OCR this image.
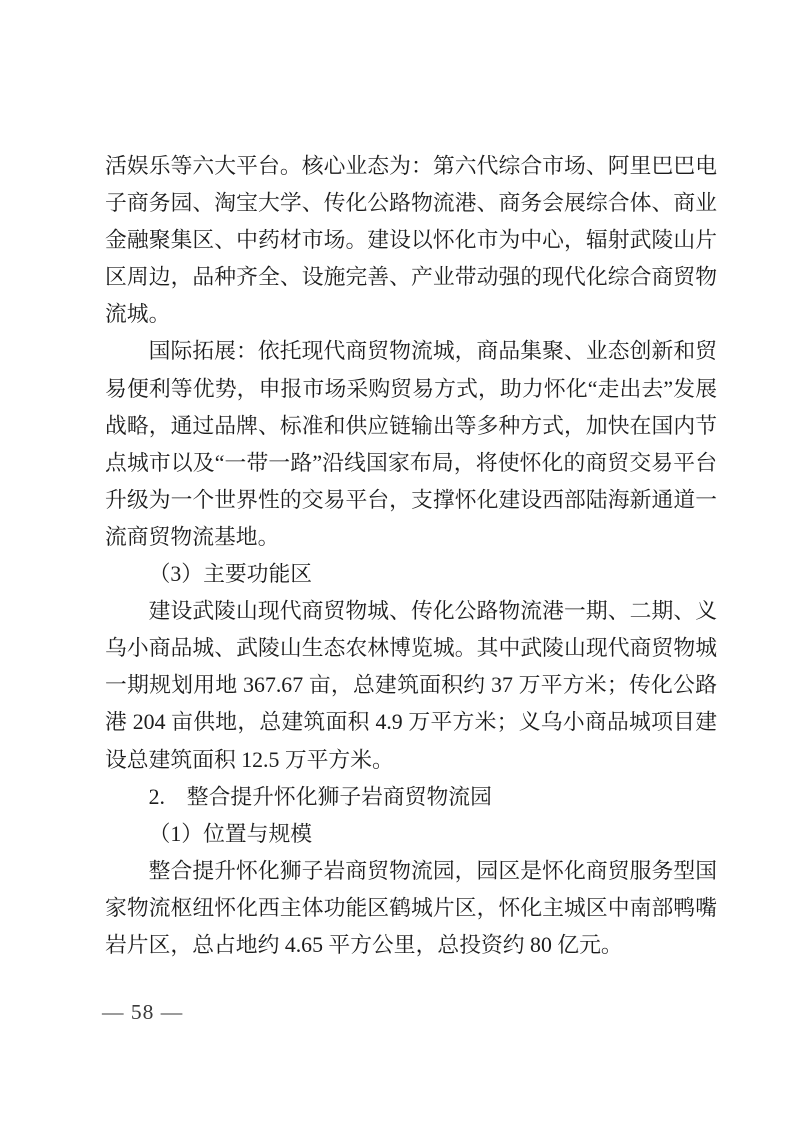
活娱乐等六大平台。核心业态为：第六代综合市场、阿里巴巴电子商务园、淘宝大学、传化公路物流港、商务会展综合体、商业金融聚集区、中药材市场。建设以怀化市为中心，辐射武陵山片区周边，品种齐全、设施完善、产业带动强的现代化综合商贸物流城。

国际拓展：依托现代商贸物流城，商品集聚、业态创新和贸易便利等优势，申报市场采购贸易方式，助力怀化“走出去”发展战略，通过品牌、标准和供应链输出等多种方式，加快在国内节点城市以及“一带一路”沿线国家布局，将使怀化的商贸交易平台升级为一个世界性的交易平台，支撑怀化建设西部陆海新通道一流商贸物流基地。

（3）主要功能区

建设武陵山现代商贸物城、传化公路物流港一期、二期、义乌小商品城、武陵山生态农林博览城。其中武陵山现代商贸物城一期规划用地 367.67 亩，总建筑面积约 37 万平方米；传化公路港 204 亩供地，总建筑面积 4.9 万平方米；义乌小商品城项目建设总建筑面积 12.5 万平方米。

2.　整合提升怀化狮子岩商贸物流园

（1）位置与规模

整合提升怀化狮子岩商贸物流园，园区是怀化商贸服务型国家物流枢纽怀化西主体功能区鹤城片区，怀化主城区中南部鸭嘴岩片区，总占地约 4.65 平方公里，总投资约 80 亿元。

— 58 —
